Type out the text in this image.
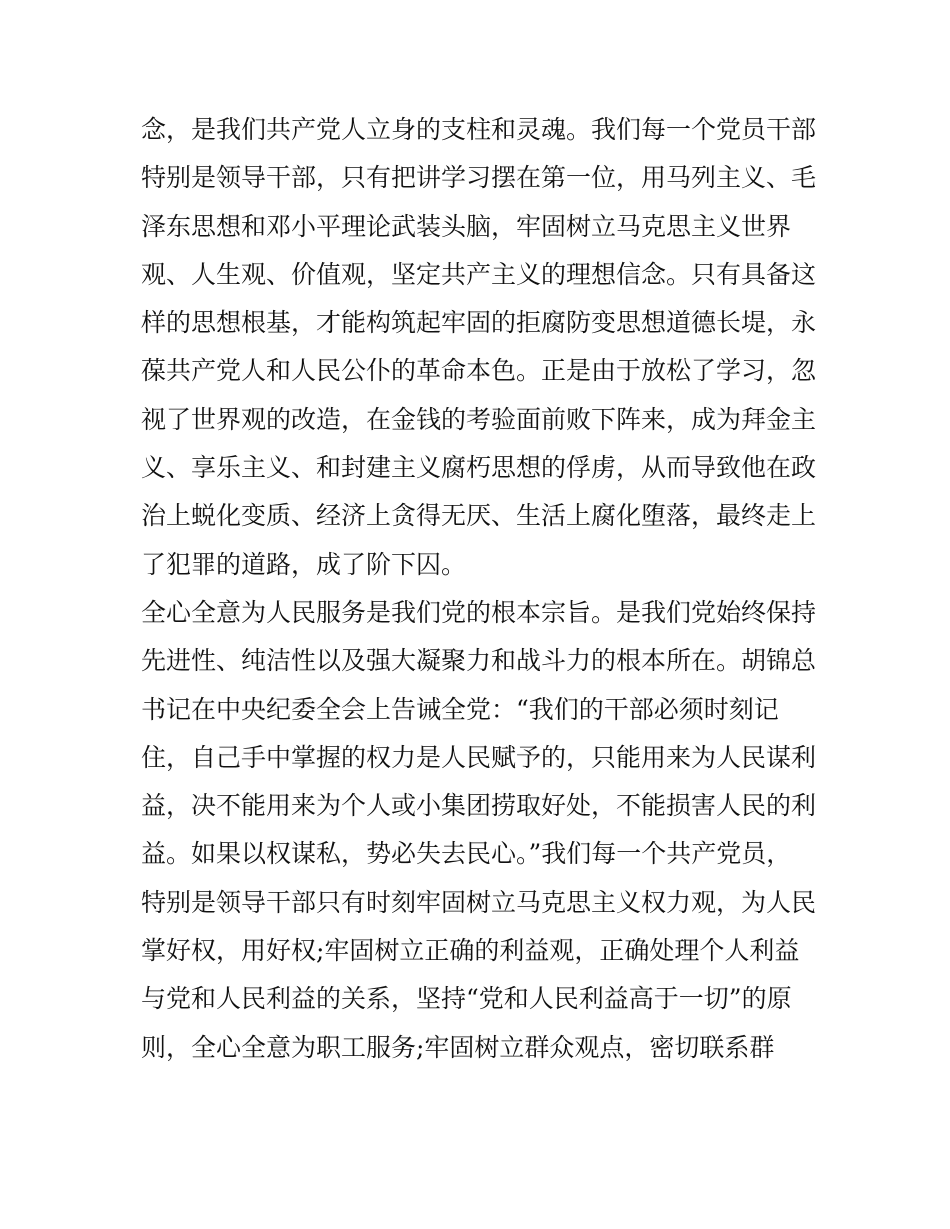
念，是我们共产党人立身的支柱和灵魂。我们每一个党员干部
特别是领导干部，只有把讲学习摆在第一位，用马列主义、毛
泽东思想和邓小平理论武装头脑，牢固树立马克思主义世界
观、人生观、价值观，坚定共产主义的理想信念。只有具备这
样的思想根基，才能构筑起牢固的拒腐防变思想道德长堤，永
葆共产党人和人民公仆的革命本色。正是由于放松了学习，忽
视了世界观的改造，在金钱的考验面前败下阵来，成为拜金主
义、享乐主义、和封建主义腐朽思想的俘虏，从而导致他在政
治上蜕化变质、经济上贪得无厌、生活上腐化堕落，最终走上
了犯罪的道路，成了阶下囚。
全心全意为人民服务是我们党的根本宗旨。是我们党始终保持
先进性、纯洁性以及强大凝聚力和战斗力的根本所在。胡锦总
书记在中央纪委全会上告诫全党：“我们的干部必须时刻记
住，自己手中掌握的权力是人民赋予的，只能用来为人民谋利
益，决不能用来为个人或小集团捞取好处，不能损害人民的利
益。如果以权谋私，势必失去民心。”我们每一个共产党员，
特别是领导干部只有时刻牢固树立马克思主义权力观，为人民
掌好权，用好权;牢固树立正确的利益观，正确处理个人利益
与党和人民利益的关系，坚持“党和人民利益高于一切”的原
则，全心全意为职工服务;牢固树立群众观点，密切联系群
